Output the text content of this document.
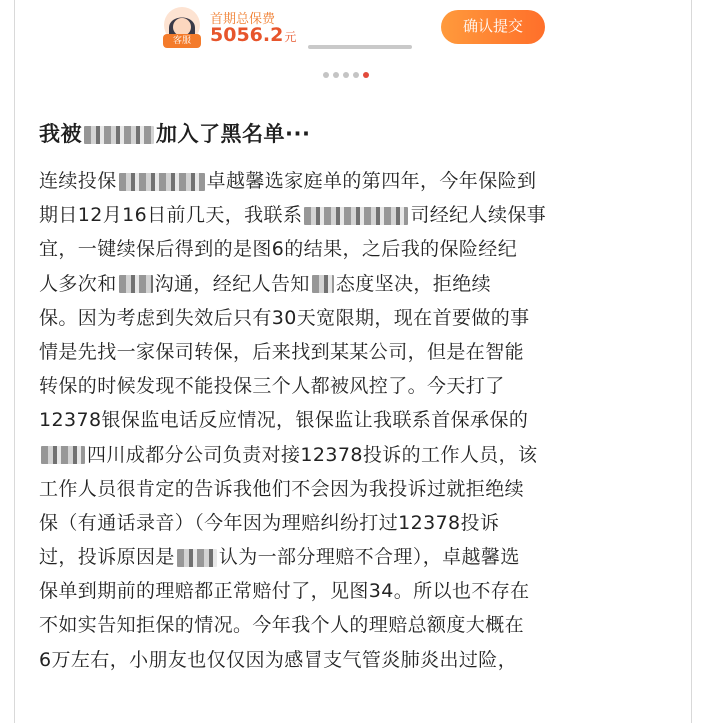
客服
首期总保费
5056.2元
确认提交
我被	加入了黑名单···
连续投保	卓越馨选家庭单的第四年，今年保险到
期日12月16日前几天，我联系	司经纪人续保事
宜，一键续保后得到的是图6的结果，之后我的保险经纪
人多次和 沟通，经纪人告知 态度坚决，拒绝续
保。因为考虑到失效后只有30天宽限期，现在首要做的事
情是先找一家保司转保，后来找到某某公司，但是在智能
转保的时候发现不能投保三个人都被风控了。今天打了
12378银保监电话反应情况，银保监让我联系首保承保的
四川成都分公司负责对接12378投诉的工作人员，该
工作人员很肯定的告诉我他们不会因为我投诉过就拒绝续
保（有通话录音）（今年因为理赔纠纷打过12378投诉
过，投诉原因是 认为一部分理赔不合理），卓越馨选
保单到期前的理赔都正常赔付了，见图34。所以也不存在
不如实告知拒保的情况。今年我个人的理赔总额度大概在
6万左右，小朋友也仅仅因为感冒支气管炎肺炎出过险，
